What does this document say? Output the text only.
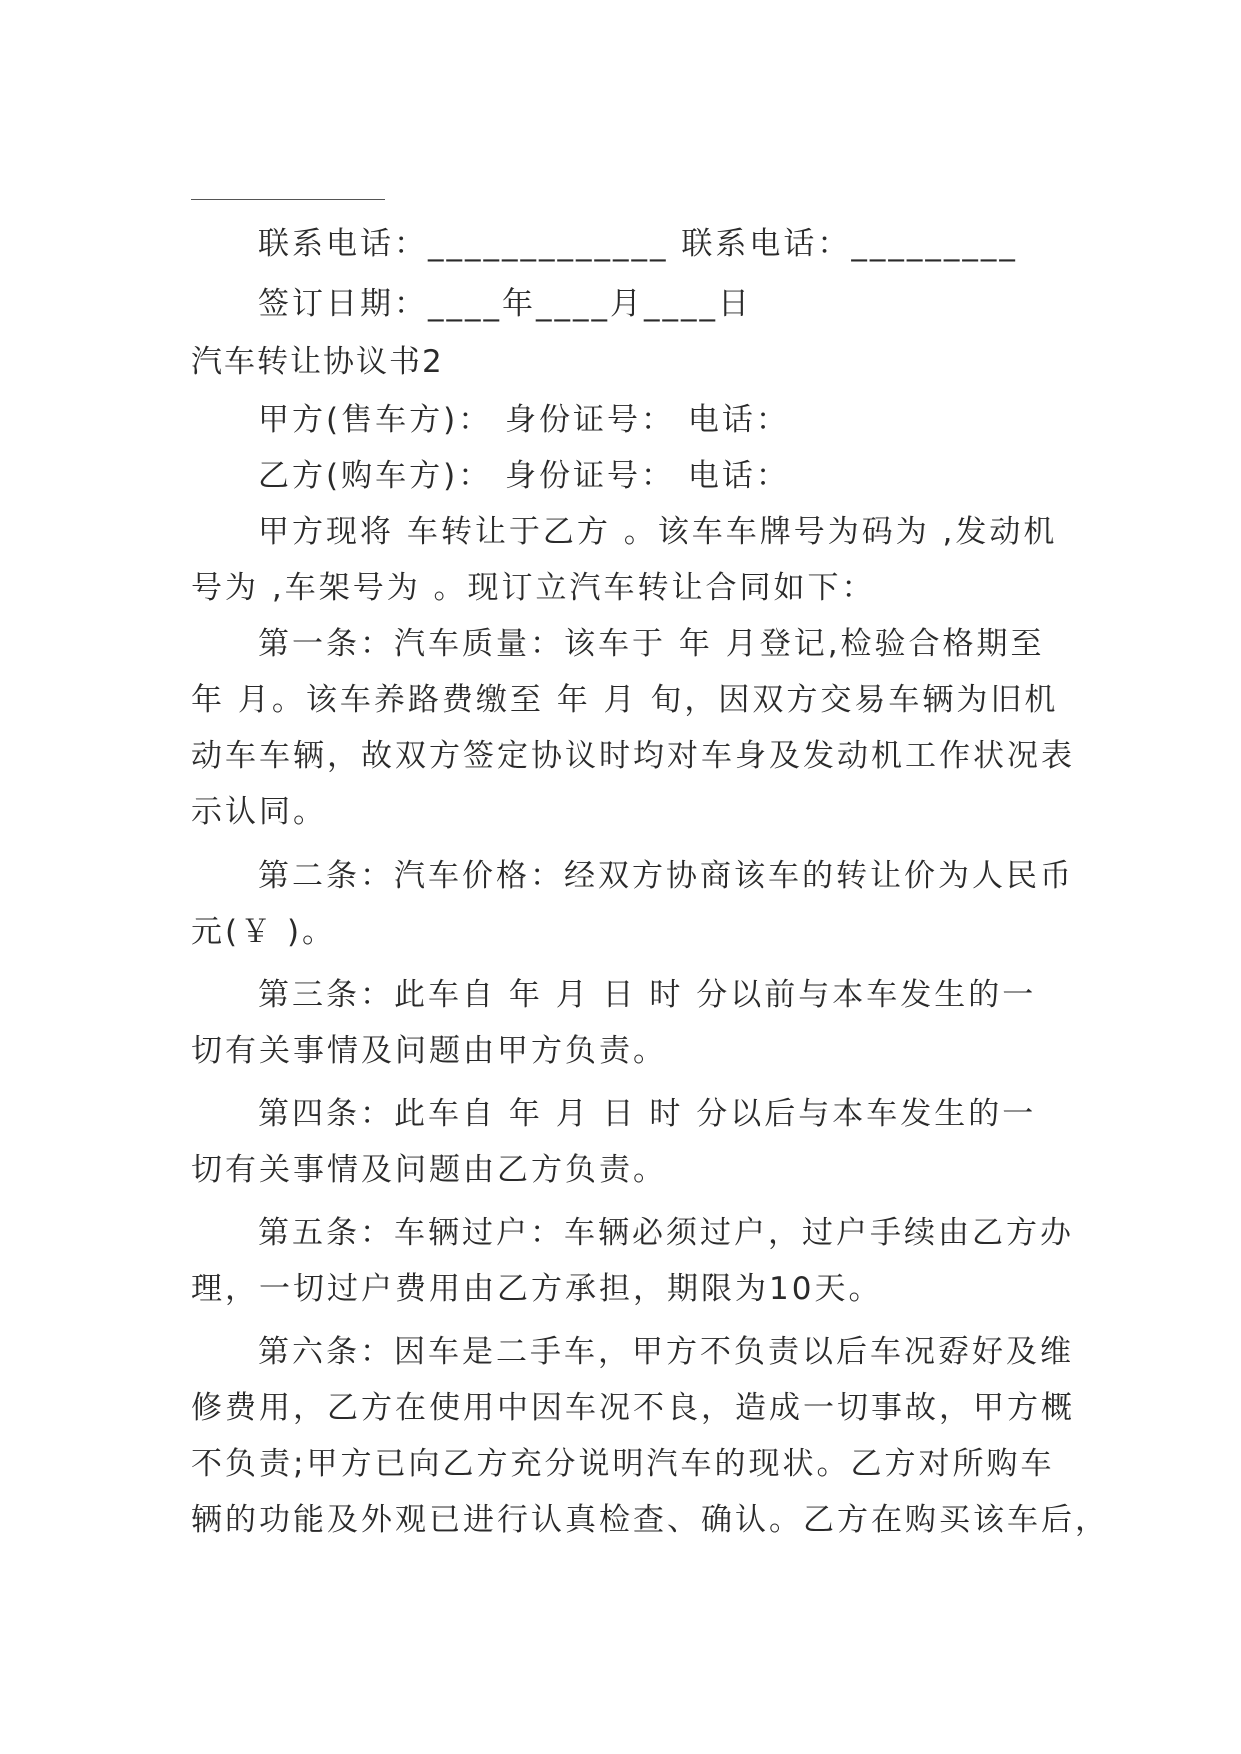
联系电话：_____________ 联系电话：_________
签订日期：____年____月____日
汽车转让协议书2
甲方(售车方)： 身份证号： 电话：
乙方(购车方)： 身份证号： 电话：
甲方现将 车转让于乙方 。该车车牌号为码为 ,发动机
号为 ,车架号为 。现订立汽车转让合同如下：
第一条：汽车质量：该车于 年 月登记,检验合格期至
年 月。该车养路费缴至 年 月 旬，因双方交易车辆为旧机
动车车辆，故双方签定协议时均对车身及发动机工作状况表
示认同。
第二条：汽车价格：经双方协商该车的转让价为人民币
元(￥ )。
第三条：此车自 年 月 日 时 分以前与本车发生的一
切有关事情及问题由甲方负责。
第四条：此车自 年 月 日 时 分以后与本车发生的一
切有关事情及问题由乙方负责。
第五条：车辆过户：车辆必须过户，过户手续由乙方办
理，一切过户费用由乙方承担，期限为10天。
第六条：因车是二手车，甲方不负责以后车况孬好及维
修费用，乙方在使用中因车况不良，造成一切事故，甲方概
不负责;甲方已向乙方充分说明汽车的现状。乙方对所购车
辆的功能及外观已进行认真检查、确认。乙方在购买该车后，
